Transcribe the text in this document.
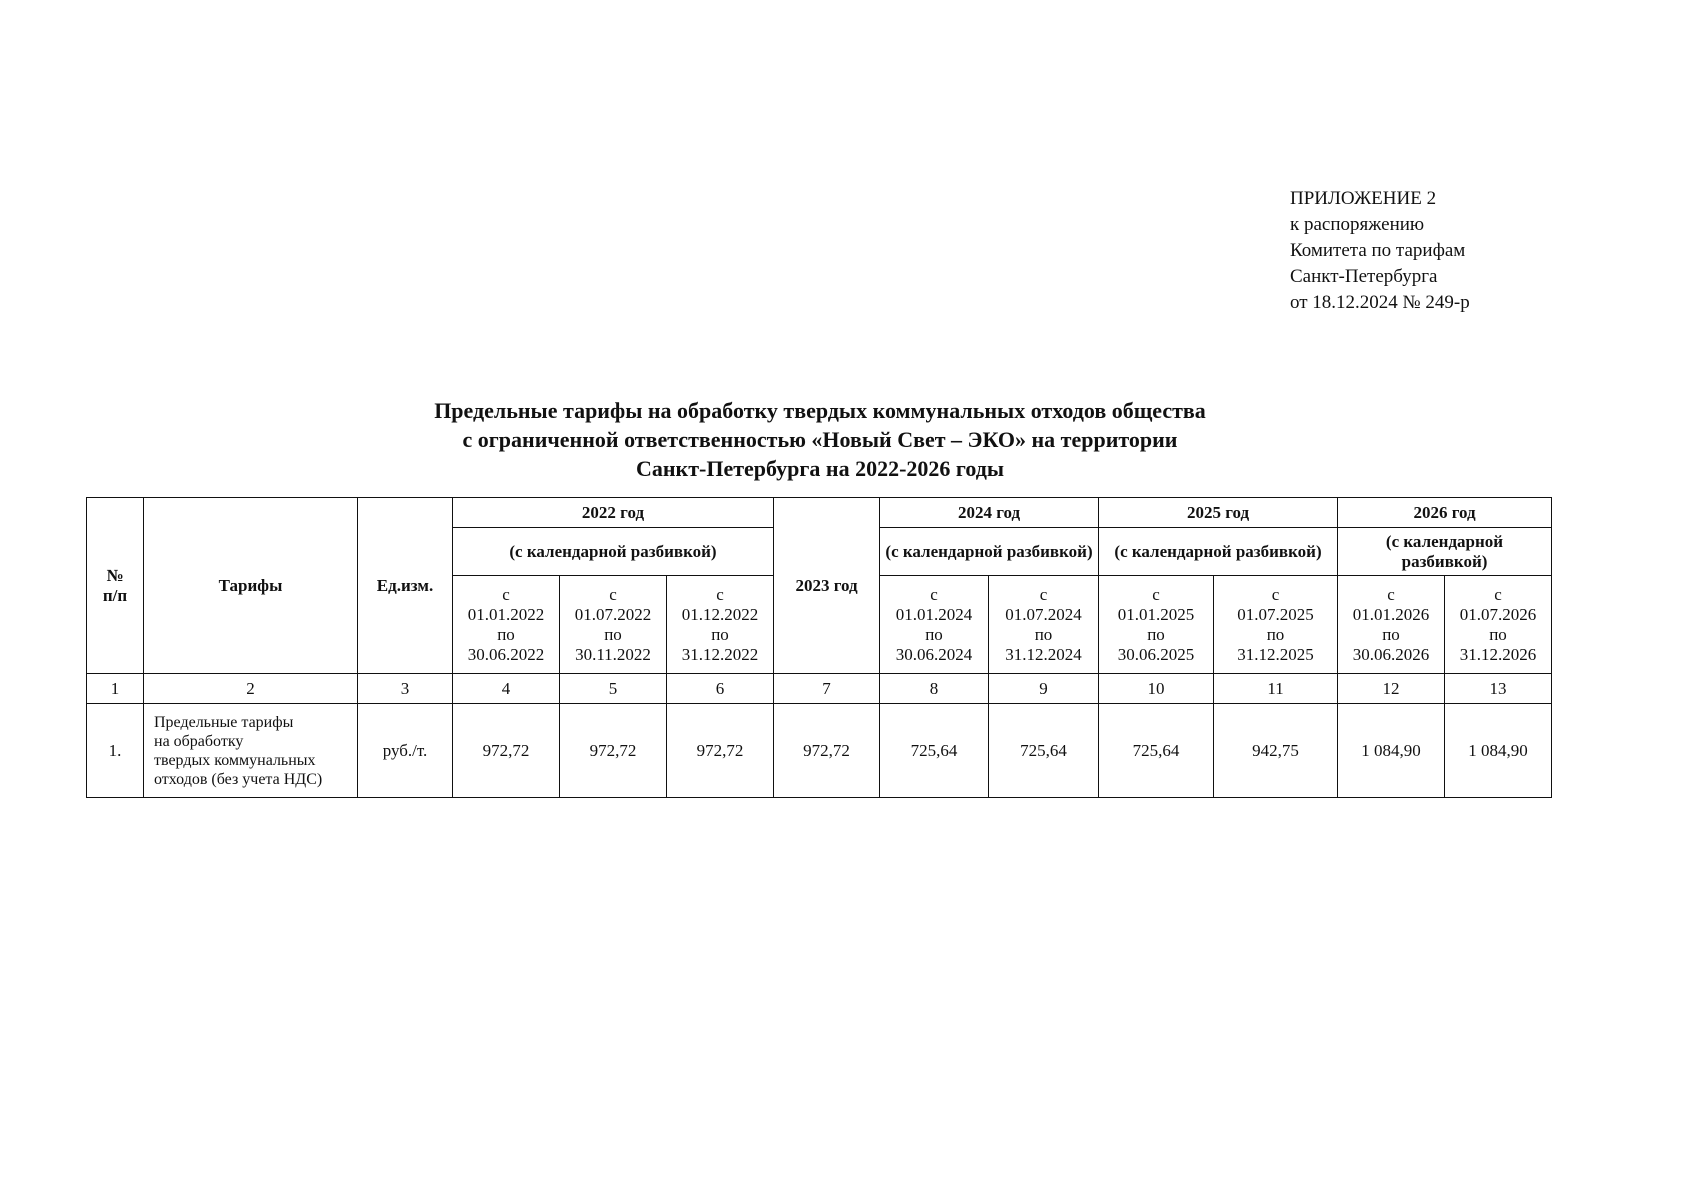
ПРИЛОЖЕНИЕ 2
к распоряжению
Комитета по тарифам
Санкт-Петербурга
от 18.12.2024 № 249-р
Предельные тарифы на обработку твердых коммунальных отходов общества
с ограниченной ответственностью «Новый Свет – ЭКО» на территории
Санкт-Петербурга на 2022-2026 годы
№
п/п	Тарифы	Ед.изм.	2022 год			2023 год	2024 год		2025 год		2026 год	
			(с календарной разбивкой)				(с календарной разбивкой)		(с календарной разбивкой)		(с календарной разбивкой)	

			с
01.01.2022
по
30.06.2022	с
01.07.2022
по
30.11.2022	с
01.12.2022
по
31.12.2022		с
01.01.2024
по
30.06.2024	с
01.07.2024
по
31.12.2024	с
01.01.2025
по
30.06.2025	с
01.07.2025
по
31.12.2025	с
01.01.2026
по
30.06.2026	с
01.07.2026
по
31.12.2026

1	2	3	4	5	6	7	8	9	10	11	12	13
1.	Предельные тарифы
на обработку
твердых коммунальных
отходов (без учета НДС)	руб./т.	972,72	972,72	972,72	972,72	725,64	725,64	725,64	942,75	1 084,90	1 084,90
